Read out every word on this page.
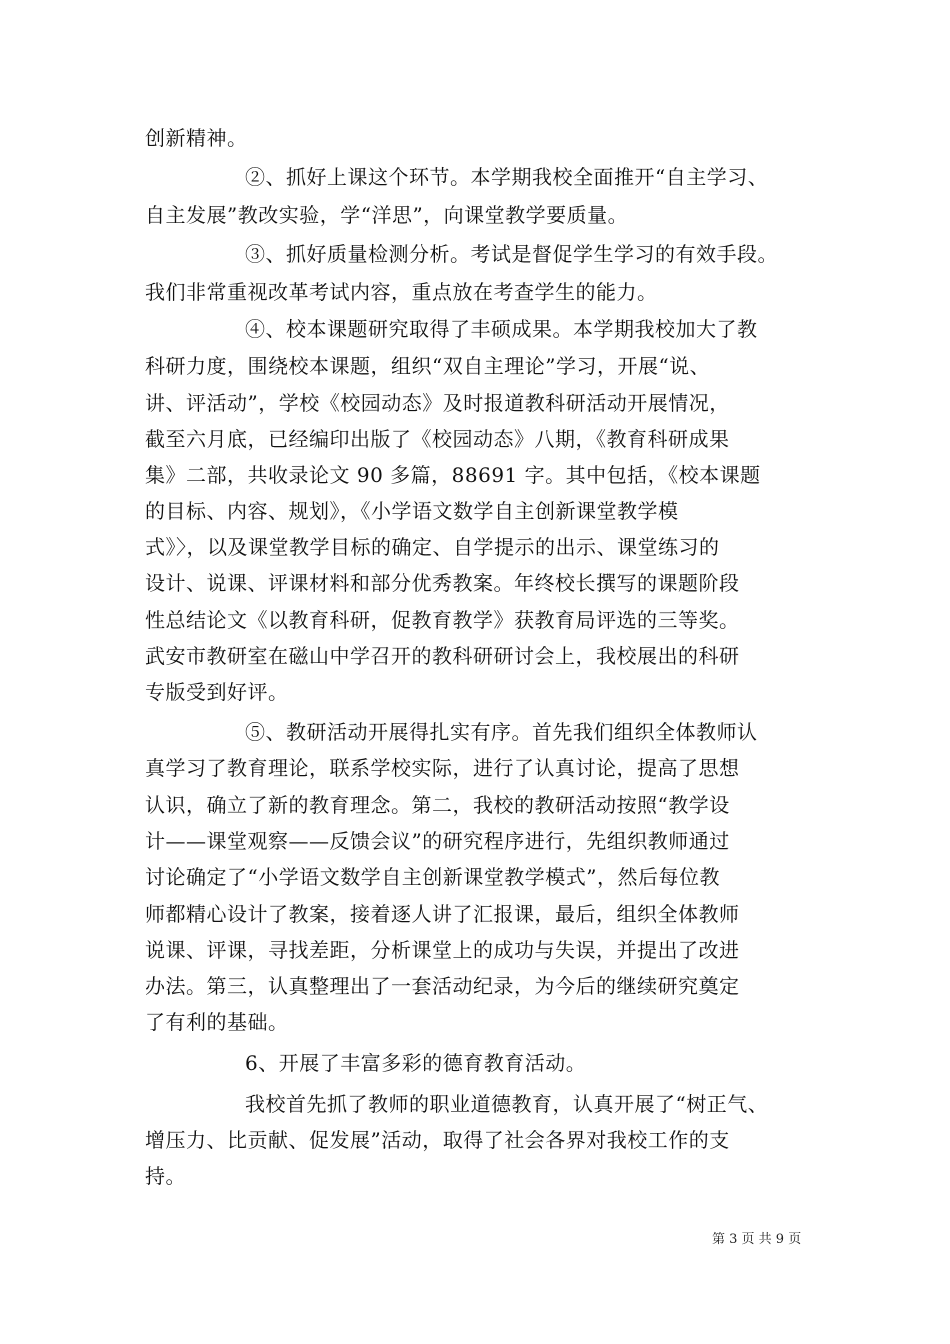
创新精神。
②、抓好上课这个环节。本学期我校全面推开“自主学习、
自主发展”教改实验，学“洋思”，向课堂教学要质量。
③、抓好质量检测分析。考试是督促学生学习的有效手段。
我们非常重视改革考试内容，重点放在考查学生的能力。
④、校本课题研究取得了丰硕成果。本学期我校加大了教
科研力度，围绕校本课题，组织“双自主理论”学习，开展“说、
讲、评活动”，学校《校园动态》及时报道教科研活动开展情况，
截至六月底，已经编印出版了《校园动态》八期，《教育科研成果
集》二部，共收录论文 90 多篇，88691 字。其中包括，《校本课题
的目标、内容、规划》，《小学语文数学自主创新课堂教学模
式》〉，以及课堂教学目标的确定、自学提示的出示、课堂练习的
设计、说课、评课材料和部分优秀教案。年终校长撰写的课题阶段
性总结论文《以教育科研，促教育教学》获教育局评选的三等奖。
武安市教研室在磁山中学召开的教科研研讨会上，我校展出的科研
专版受到好评。
⑤、教研活动开展得扎实有序。首先我们组织全体教师认
真学习了教育理论，联系学校实际，进行了认真讨论，提高了思想
认识，确立了新的教育理念。第二，我校的教研活动按照“教学设
计——课堂观察——反馈会议”的研究程序进行，先组织教师通过
讨论确定了“小学语文数学自主创新课堂教学模式”，然后每位教
师都精心设计了教案，接着逐人讲了汇报课，最后，组织全体教师
说课、评课，寻找差距，分析课堂上的成功与失误，并提出了改进
办法。第三，认真整理出了一套活动纪录，为今后的继续研究奠定
了有利的基础。
6、开展了丰富多彩的德育教育活动。
我校首先抓了教师的职业道德教育，认真开展了“树正气、
增压力、比贡献、促发展”活动，取得了社会各界对我校工作的支
持。
第 3 页 共 9 页
